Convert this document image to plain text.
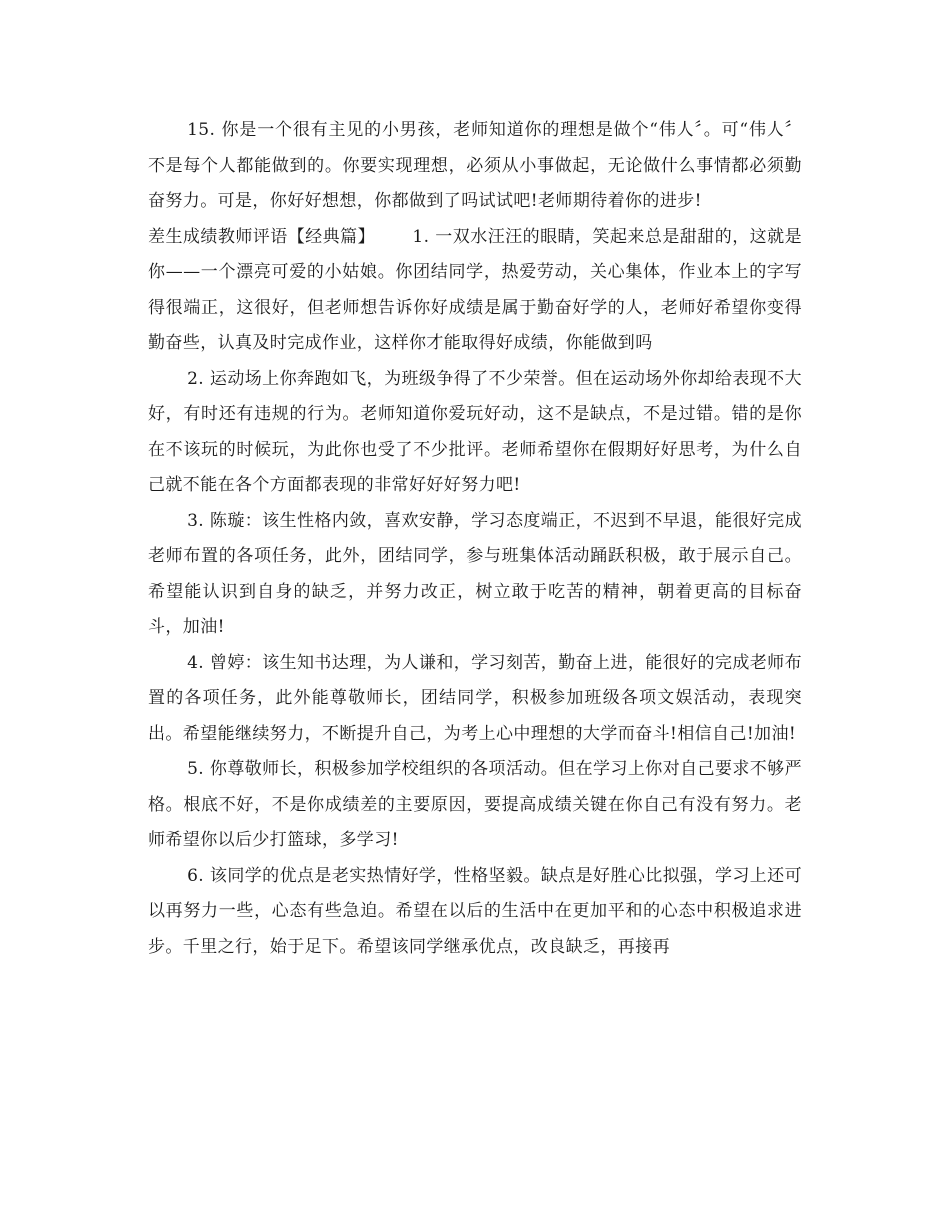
15. 你是一个很有主见的小男孩，老师知道你的理想是做个“伟人〞。可“伟人〞不是每个人都能做到的。你要实现理想，必须从小事做起，无论做什么事情都必须勤奋努力。可是，你好好想想，你都做到了吗试试吧!老师期待着你的进步!

差生成绩教师评语【经典篇】 1. 一双水汪汪的眼睛，笑起来总是甜甜的，这就是你——一个漂亮可爱的小姑娘。你团结同学，热爱劳动，关心集体，作业本上的字写得很端正，这很好，但老师想告诉你好成绩是属于勤奋好学的人，老师好希望你变得勤奋些，认真及时完成作业，这样你才能取得好成绩，你能做到吗

2. 运动场上你奔跑如飞，为班级争得了不少荣誉。但在运动场外你却给表现不大好，有时还有违规的行为。老师知道你爱玩好动，这不是缺点，不是过错。错的是你在不该玩的时候玩，为此你也受了不少批评。老师希望你在假期好好思考，为什么自己就不能在各个方面都表现的非常好好好努力吧!

3. 陈璇：该生性格内敛，喜欢安静，学习态度端正，不迟到不早退，能很好完成老师布置的各项任务，此外，团结同学，参与班集体活动踊跃积极，敢于展示自己。希望能认识到自身的缺乏，并努力改正，树立敢于吃苦的精神，朝着更高的目标奋斗，加油!

4. 曾婷：该生知书达理，为人谦和，学习刻苦，勤奋上进，能很好的完成老师布置的各项任务，此外能尊敬师长，团结同学，积极参加班级各项文娱活动，表现突出。希望能继续努力，不断提升自己，为考上心中理想的大学而奋斗!相信自己!加油!

5. 你尊敬师长，积极参加学校组织的各项活动。但在学习上你对自己要求不够严格。根底不好，不是你成绩差的主要原因，要提高成绩关键在你自己有没有努力。老师希望你以后少打篮球，多学习!

6. 该同学的优点是老实热情好学，性格坚毅。缺点是好胜心比拟强，学习上还可以再努力一些，心态有些急迫。希望在以后的生活中在更加平和的心态中积极追求进步。千里之行，始于足下。希望该同学继承优点，改良缺乏，再接再
